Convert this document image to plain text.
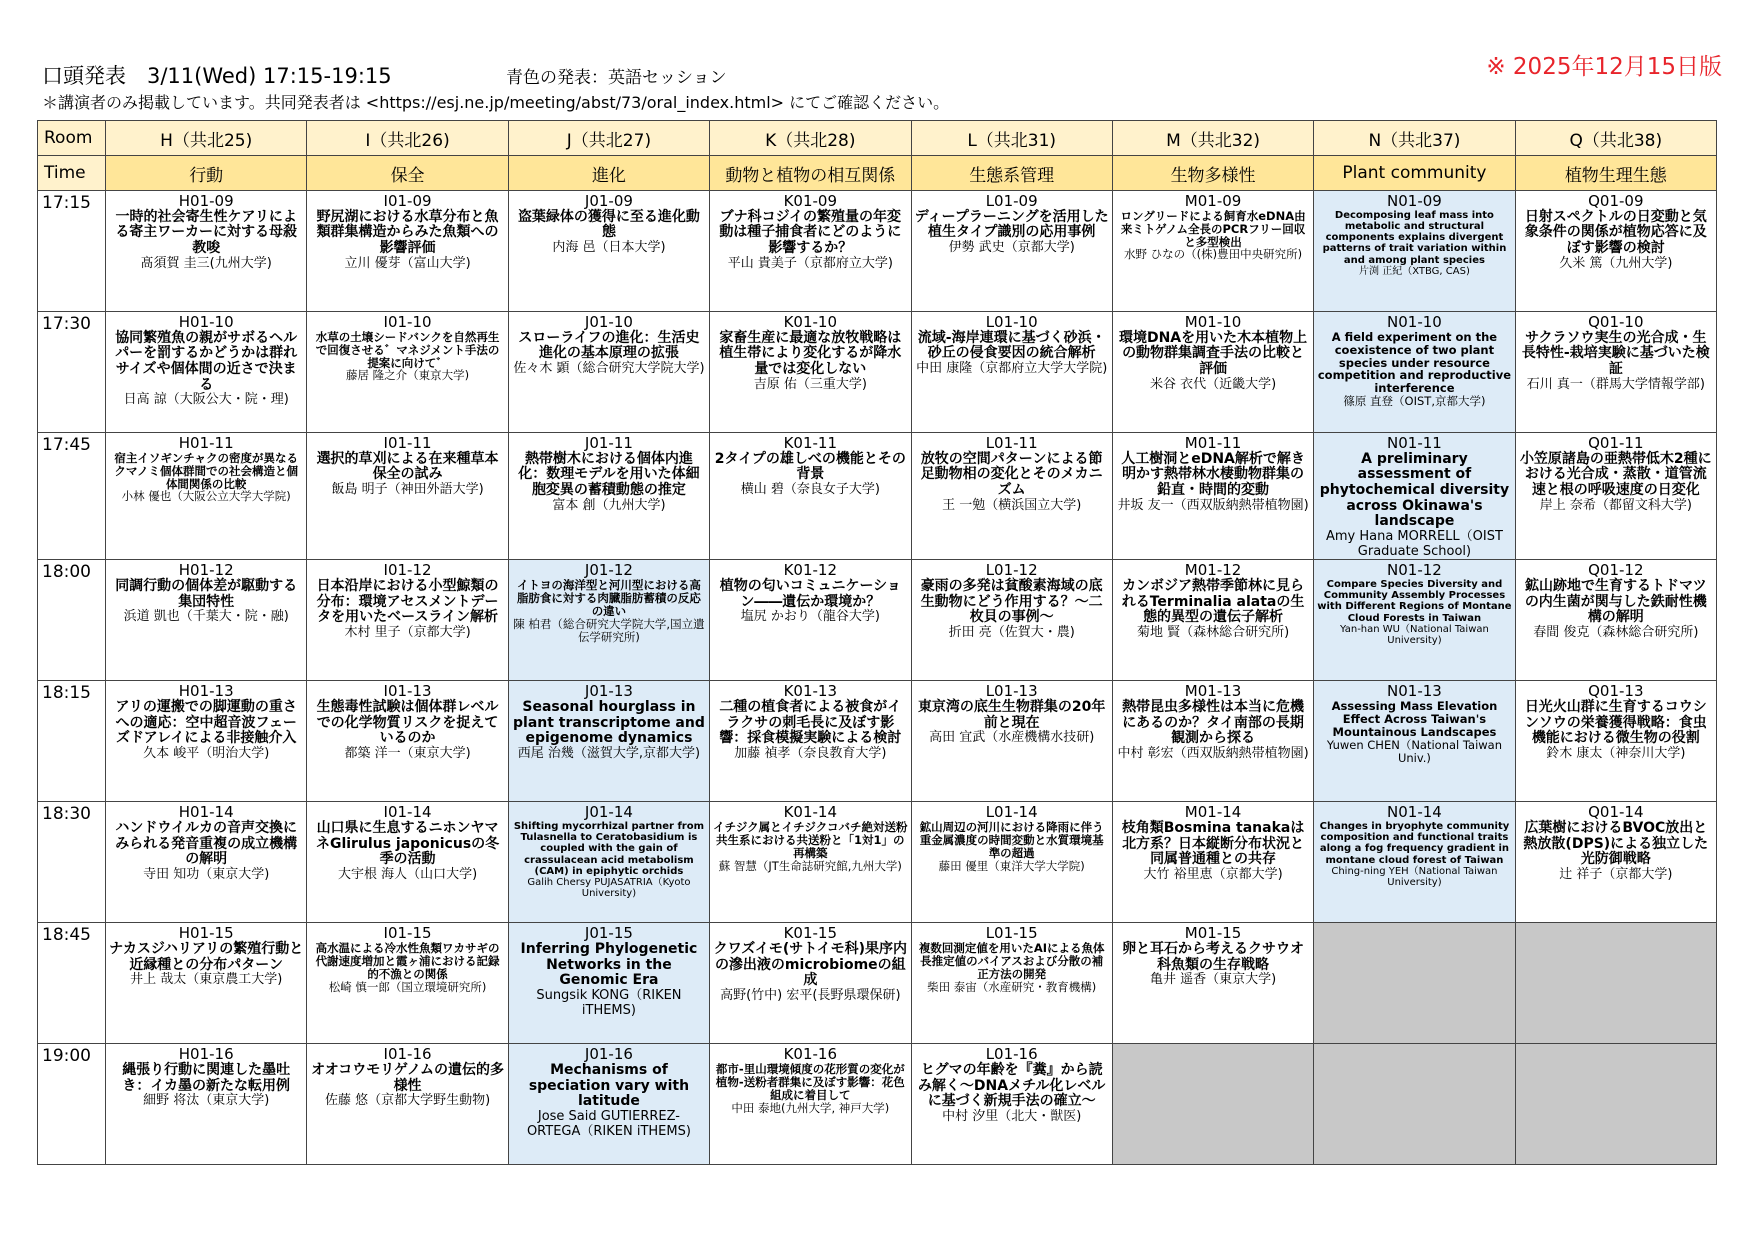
口頭発表　3/11(Wed) 17:15-19:15	青色の発表：英語セッション	※ 2025年12月15日版
＊講演者のみ掲載しています。共同発表者は <https://esj.ne.jp/meeting/abst/73/oral_index.html> にてご確認ください。
Room	H（共北25)	I（共北26)	J（共北27)	K（共北28)	L（共北31)	M（共北32)	N（共北37)	Q（共北38)
Time	行動	保全	進化	動物と植物の相互関係	生態系管理	生物多様性	Plant community	植物生理生態
17:15	H01-09
一時的社会寄生性ケアリによる寄主ワーカーに対する母殺教唆
髙須賀 圭三(九州大学)	I01-09
野尻湖における水草分布と魚類群集構造からみた魚類への影響評価
立川 優芽（富山大学)	J01-09
盗葉緑体の獲得に至る進化動態
内海 邑（日本大学)	K01-09
ブナ科コジイの繁殖量の年変動は種子捕食者にどのように影響するか？
平山 貴美子（京都府立大学)	L01-09
ディープラーニングを活用した植生タイプ識別の応用事例
伊勢 武史（京都大学)	M01-09
ロングリードによる飼育水eDNA由来ミトゲノム全長のPCRフリー回収と多型検出
水野 ひなの（(株)豊田中央研究所)	N01-09
Decomposing leaf mass into metabolic and structural components explains divergent patterns of trait variation within and among plant species
片渕 正紀（XTBG, CAS)	Q01-09
日射スペクトルの日変動と気象条件の関係が植物応答に及ぼす影響の検討
久米 篤（九州大学)

17:30	H01-10
協同繁殖魚の親がサボるヘルパーを罰するかどうかは群れサイズや個体間の近さで決まる
日高 諒（大阪公大・院・理)	I01-10
水草の土壌シードバンクを自然再生で回復させる゛マネジメント手法の提案に向けて゛
藤居 隆之介（東京大学)	J01-10
スローライフの進化：生活史進化の基本原理の拡張
佐々木 顕（総合研究大学院大学)	K01-10
家畜生産に最適な放牧戦略は植生帯により変化するが降水量では変化しない
吉原 佑（三重大学)	L01-10
流域-海岸連環に基づく砂浜・砂丘の侵食要因の統合解析
中田 康隆（京都府立大学大学院)	M01-10
環境DNAを用いた木本植物上の動物群集調査手法の比較と評価
米谷 衣代（近畿大学)	N01-10
A field experiment on the coexistence of two plant species under resource competition and reproductive interference
篠原 直登（OIST,京都大学)	Q01-10
サクラソウ実生の光合成・生長特性-栽培実験に基づいた検証
石川 真一（群馬大学情報学部)

17:45	H01-11
宿主イソギンチャクの密度が異なるクマノミ個体群間での社会構造と個体間関係の比較
小林 優也（大阪公立大学大学院)	I01-11
選択的草刈による在来種草本保全の試み
飯島 明子（神田外語大学)	J01-11
熱帯樹木における個体内進化：数理モデルを用いた体細胞変異の蓄積動態の推定
富本 創（九州大学)	K01-11
2タイプの雄しべの機能とその背景
横山 碧（奈良女子大学)	L01-11
放牧の空間パターンによる節足動物相の変化とそのメカニズム
王 一勉（横浜国立大学)	M01-11
人工樹洞とeDNA解析で解き明かす熱帯林水棲動物群集の鉛直・時間的変動
井坂 友一（西双版納熱帯植物園)	N01-11
A preliminary assessment of phytochemical diversity across Okinawa's landscape
Amy Hana MORRELL（OIST Graduate School)	Q01-11
小笠原諸島の亜熱帯低木2種における光合成・蒸散・道管流速と根の呼吸速度の日変化
岸上 奈希（都留文科大学)

18:00	H01-12
同調行動の個体差が駆動する集団特性
浜道 凱也（千葉大・院・融)	I01-12
日本沿岸における小型鯨類の分布：環境アセスメントデータを用いたベースライン解析
木村 里子（京都大学)	J01-12
イトヨの海洋型と河川型における高脂肪食に対する肉臓脂肪蓄積の反応の違い
陳 柏君（総合研究大学院大学,国立遺伝学研究所)	K01-12
植物の匂いコミュニケーション――遺伝か環境か？
塩尻 かおり（龍谷大学)	L01-12
豪雨の多発は貧酸素海域の底生動物にどう作用する？～二枚貝の事例～
折田 亮（佐賀大・農)	M01-12
カンボジア熱帯季節林に見られるTerminalia alataの生態的異型の遺伝子解析
菊地 賢（森林総合研究所)	N01-12
Compare Species Diversity and Community Assembly Processes with Different Regions of Montane Cloud Forests in Taiwan
Yan-han WU（National Taiwan University)	Q01-12
鉱山跡地で生育するトドマツの内生菌が関与した鉄耐性機構の解明
春間 俊克（森林総合研究所)

18:15	H01-13
アリの運搬での脚運動の重さへの適応：空中超音波フェーズドアレイによる非接触介入
久本 峻平（明治大学)	I01-13
生態毒性試験は個体群レベルでの化学物質リスクを捉えているのか
都築 洋一（東京大学)	J01-13
Seasonal hourglass in plant transcriptome and epigenome dynamics
西尾 治幾（滋賀大学,京都大学)	K01-13
二種の植食者による被食がイラクサの刺毛長に及ぼす影響：採食模擬実験による検討
加藤 禎孝（奈良教育大学)	L01-13
東京湾の底生生物群集の20年前と現在
高田 宜武（水産機構水技研)	M01-13
熱帯昆虫多様性は本当に危機にあるのか？タイ南部の長期観測から探る
中村 彰宏（西双版納熱帯植物園)	N01-13
Assessing Mass Elevation Effect Across Taiwan's Mountainous Landscapes
Yuwen CHEN（National Taiwan Univ.)	Q01-13
日光火山群に生育するコウシンソウの栄養獲得戦略：食虫機能における微生物の役割
鈴木 康太（神奈川大学)

18:30	H01-14
ハンドウイルカの音声交換にみられる発音重複の成立機構の解明
寺田 知功（東京大学)	I01-14
山口県に生息するニホンヤマネGlirulus japonicusの冬季の活動
大宇根 海人（山口大学)	J01-14
Shifting mycorrhizal partner from Tulasnella to Ceratobasidium is coupled with the gain of crassulacean acid metabolism (CAM) in epiphytic orchids
Galih Chersy PUJASATRIA（Kyoto University)	K01-14
イチジク属とイチジクコバチ絶対送粉共生系における共送粉と「1対1」の再構築
蘇 智慧（JT生命誌研究館,九州大学)	L01-14
鉱山周辺の河川における降雨に伴う重金属濃度の時間変動と水質環境基準の超過
藤田 優里（東洋大学大学院)	M01-14
枝角類Bosmina tanakaは北方系？日本縦断分布状況と同属普通種との共存
大竹 裕里恵（京都大学)	N01-14
Changes in bryophyte community composition and functional traits along a fog frequency gradient in montane cloud forest of Taiwan
Ching-ning YEH（National Taiwan University)	Q01-14
広葉樹におけるBVOC放出と熱放散(DPS)による独立した光防御戦略
辻 祥子（京都大学)

18:45	H01-15
ナカスジハリアリの繁殖行動と近縁種との分布パターン
井上 哉太（東京農工大学)	I01-15
高水温による冷水性魚類ワカサギの代謝速度増加と霞ヶ浦における記録的不漁との関係
松崎 慎一郎（国立環境研究所)	J01-15
Inferring Phylogenetic Networks in the Genomic Era
Sungsik KONG（RIKEN iTHEMS)	K01-15
クワズイモ(サトイモ科)果序内の滲出液のmicrobiomeの組成
高野(竹中) 宏平(長野県環保研)	L01-15
複数回測定値を用いたAIによる魚体長推定値のバイアスおよび分散の補正方法の開発
柴田 泰宙（水産研究・教育機構)	M01-15
卵と耳石から考えるクサウオ科魚類の生存戦略
亀井 遥香（東京大学)		

19:00	H01-16
縄張り行動に関連した墨吐き：イカ墨の新たな転用例
細野 将汰（東京大学)	I01-16
オオコウモリゲノムの遺伝的多様性
佐藤 悠（京都大学野生動物)	J01-16
Mechanisms of speciation vary with latitude
Jose Said GUTIERREZ-ORTEGA（RIKEN iTHEMS)	K01-16
都市-里山環境傾度の花形質の変化が植物-送粉者群集に及ぼす影響：花色組成に着目して
中田 泰地(九州大学, 神戸大学)	L01-16
ヒグマの年齢を『糞』から読み解く～DNAメチル化レベルに基づく新規手法の確立～
中村 汐里（北大・獣医)			
